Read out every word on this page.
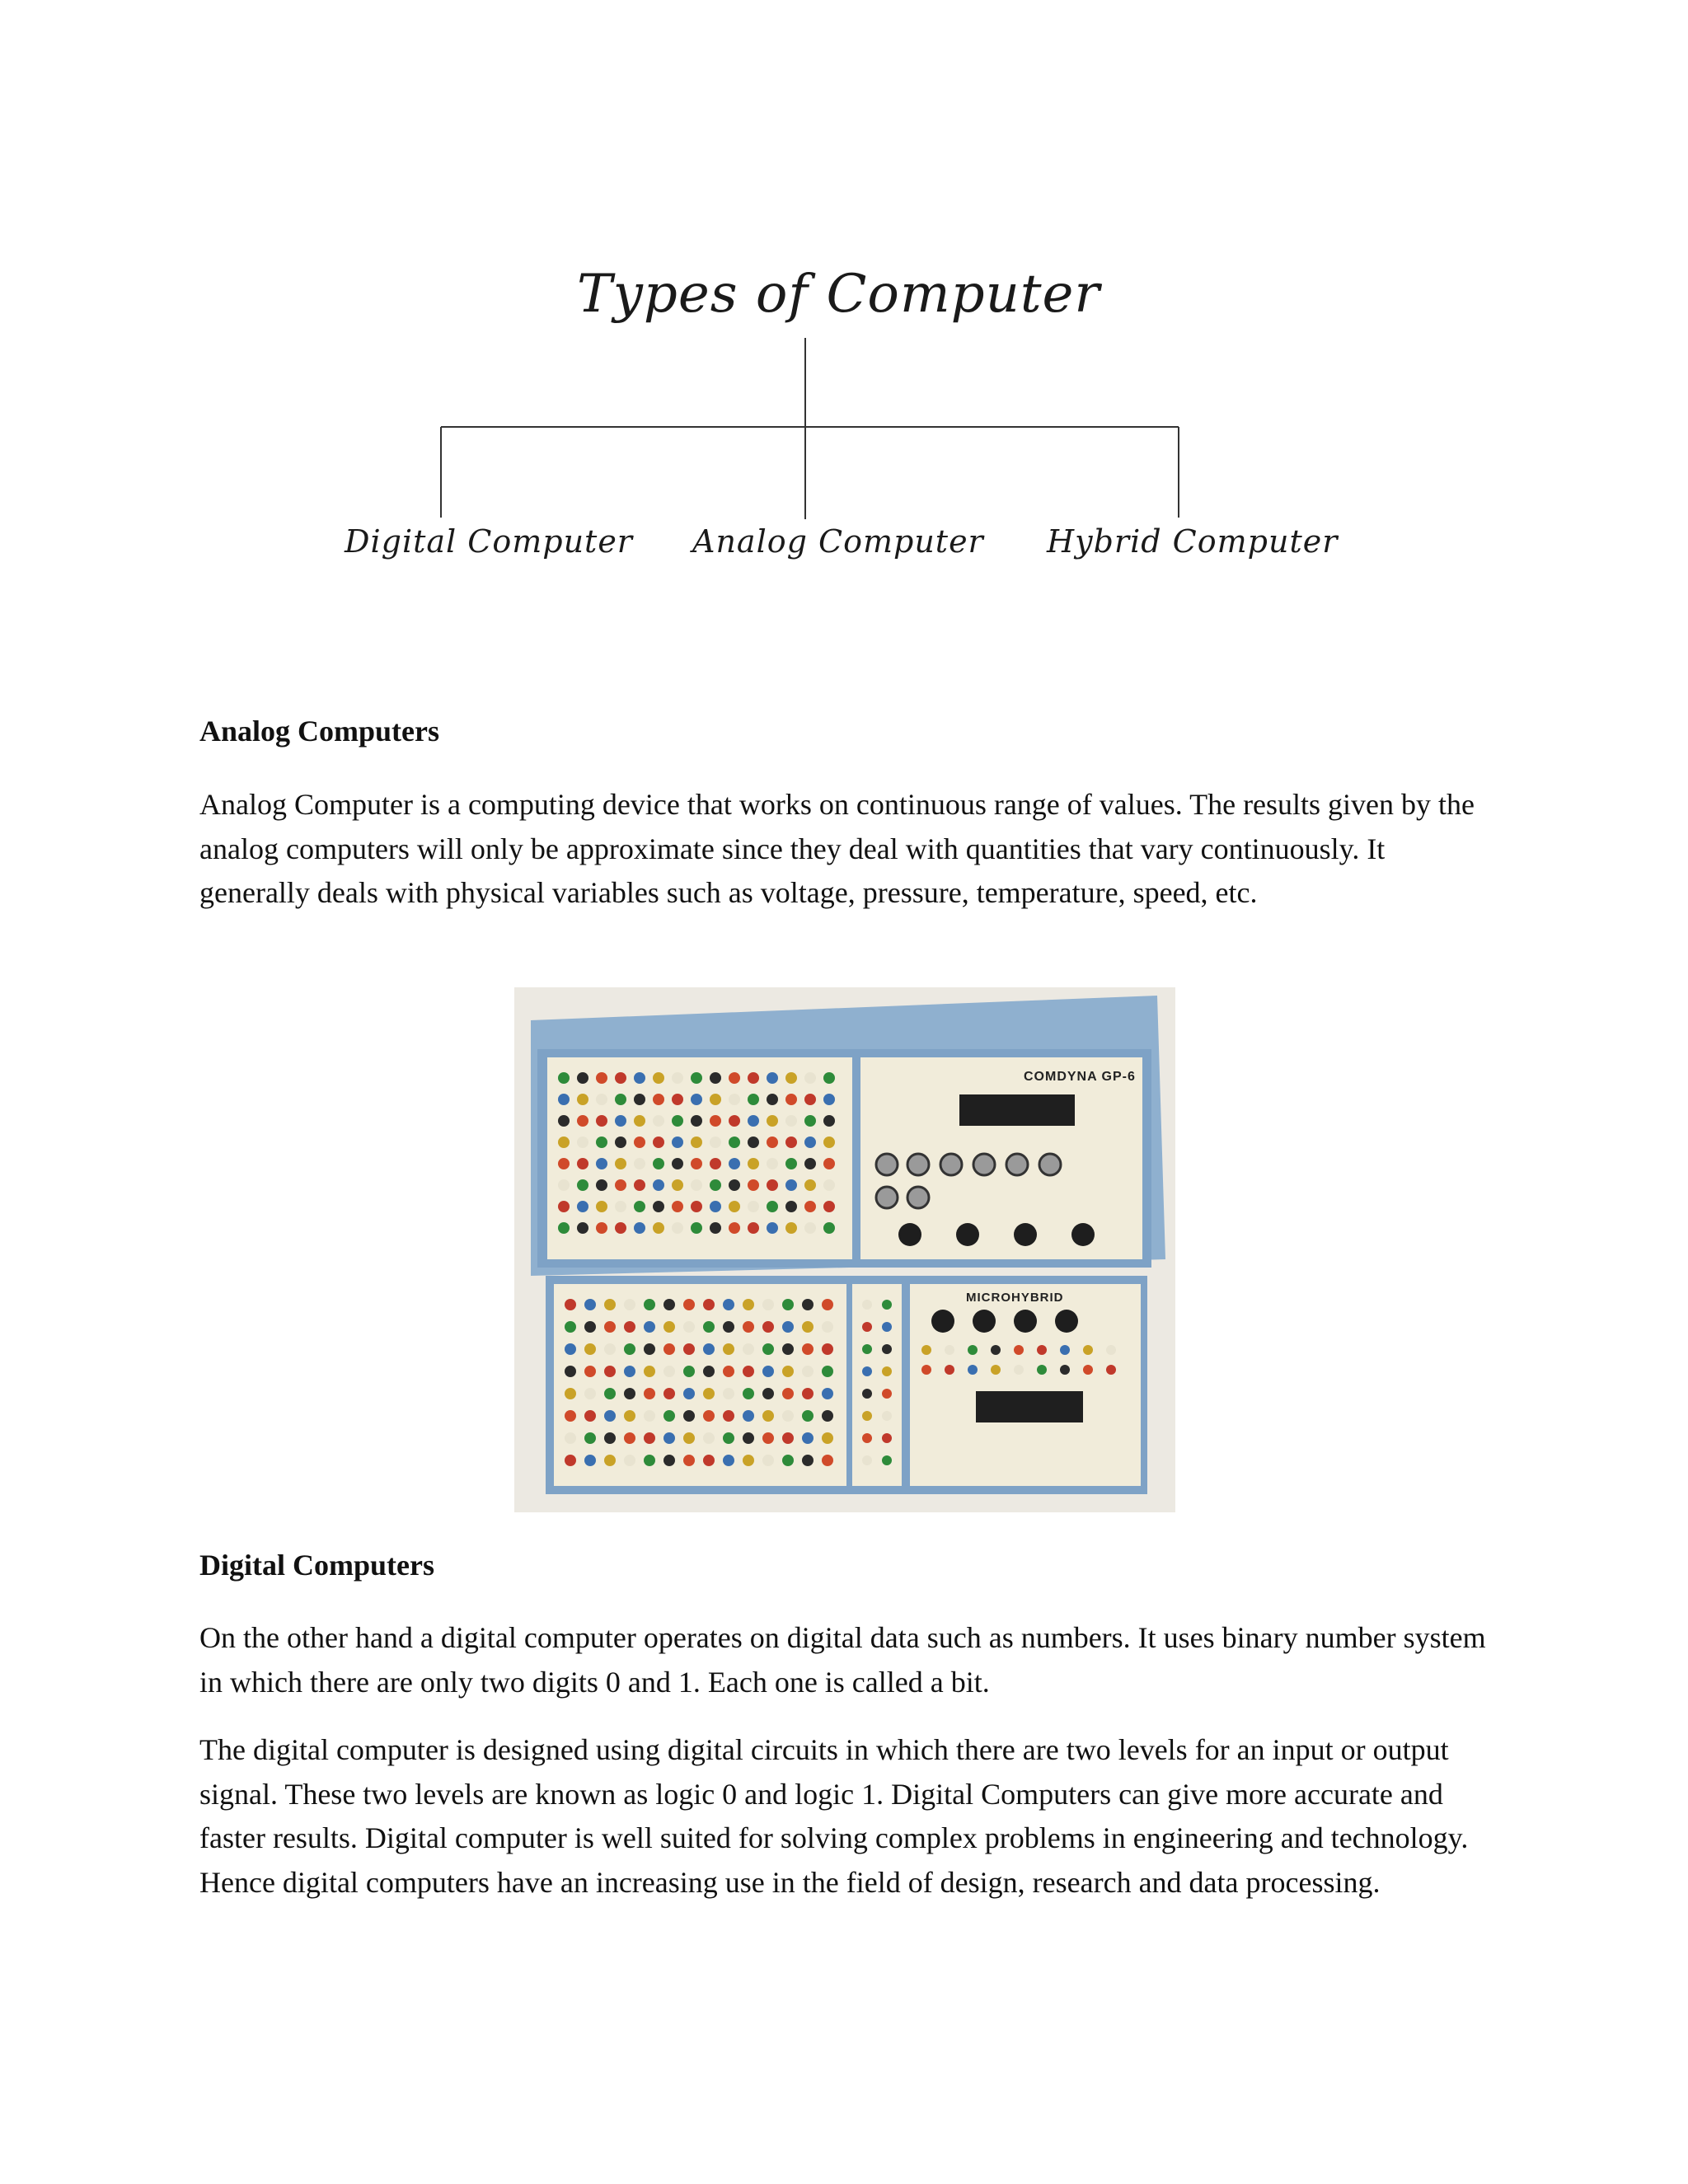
Types of Computer
Digital Computer Analog Computer Hybrid Computer
Analog Computers

Analog Computer is a computing device that works on continuous range of values. The results given by the analog computers will only be approximate since they deal with quantities that vary continuously. It generally deals with physical variables such as voltage, pressure, temperature, speed, etc.

COMDYNA GP-6
MICROHYBRID
Digital Computers

On the other hand a digital computer operates on digital data such as numbers. It uses binary number system in which there are only two digits 0 and 1. Each one is called a bit.

The digital computer is designed using digital circuits in which there are two levels for an input or output signal. These two levels are known as logic 0 and logic 1. Digital Computers can give more accurate and faster results. Digital computer is well suited for solving complex problems in engineering and technology. Hence digital computers have an increasing use in the field of design, research and data processing.
